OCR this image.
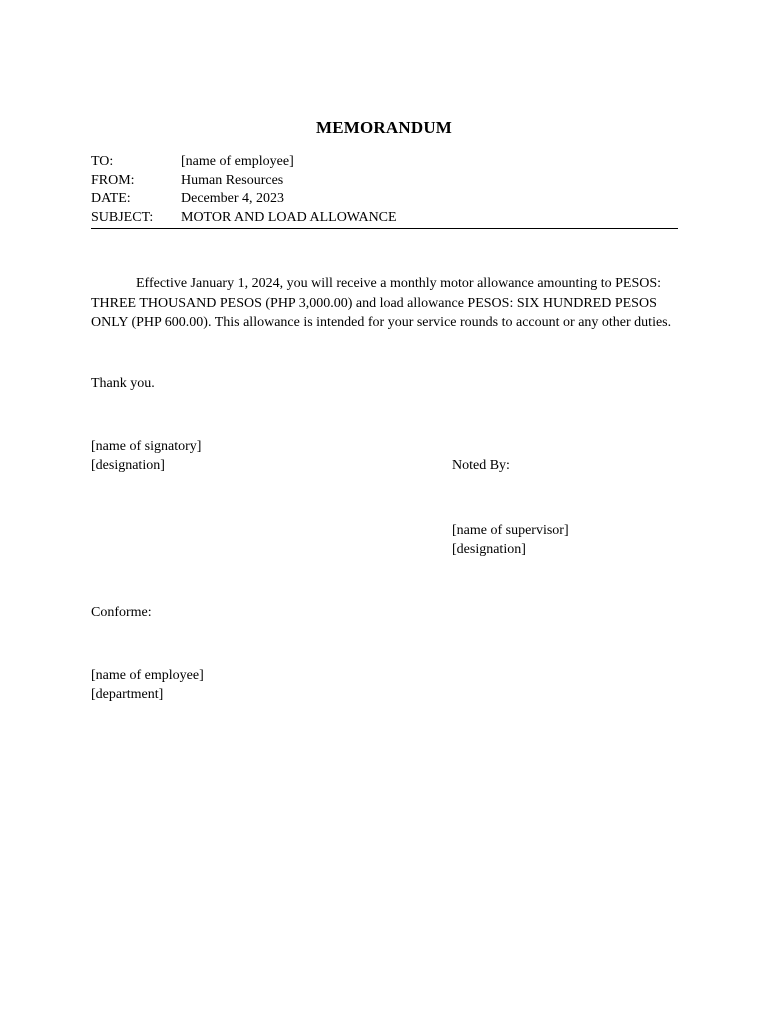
MEMORANDUM
TO:	[name of employee]
FROM:	Human Resources
DATE:	December 4, 2023
SUBJECT:	MOTOR AND LOAD ALLOWANCE

Effective January 1, 2024, you will receive a monthly motor allowance amounting to PESOS: THREE THOUSAND PESOS (PHP 3,000.00) and load allowance PESOS: SIX HUNDRED PESOS ONLY (PHP 600.00). This allowance is intended for your service rounds to account or any other duties.

Thank you.
[name of signatory]
[designation]	Noted By:
[name of supervisor]
[designation]
Conforme:
[name of employee]
[department]
